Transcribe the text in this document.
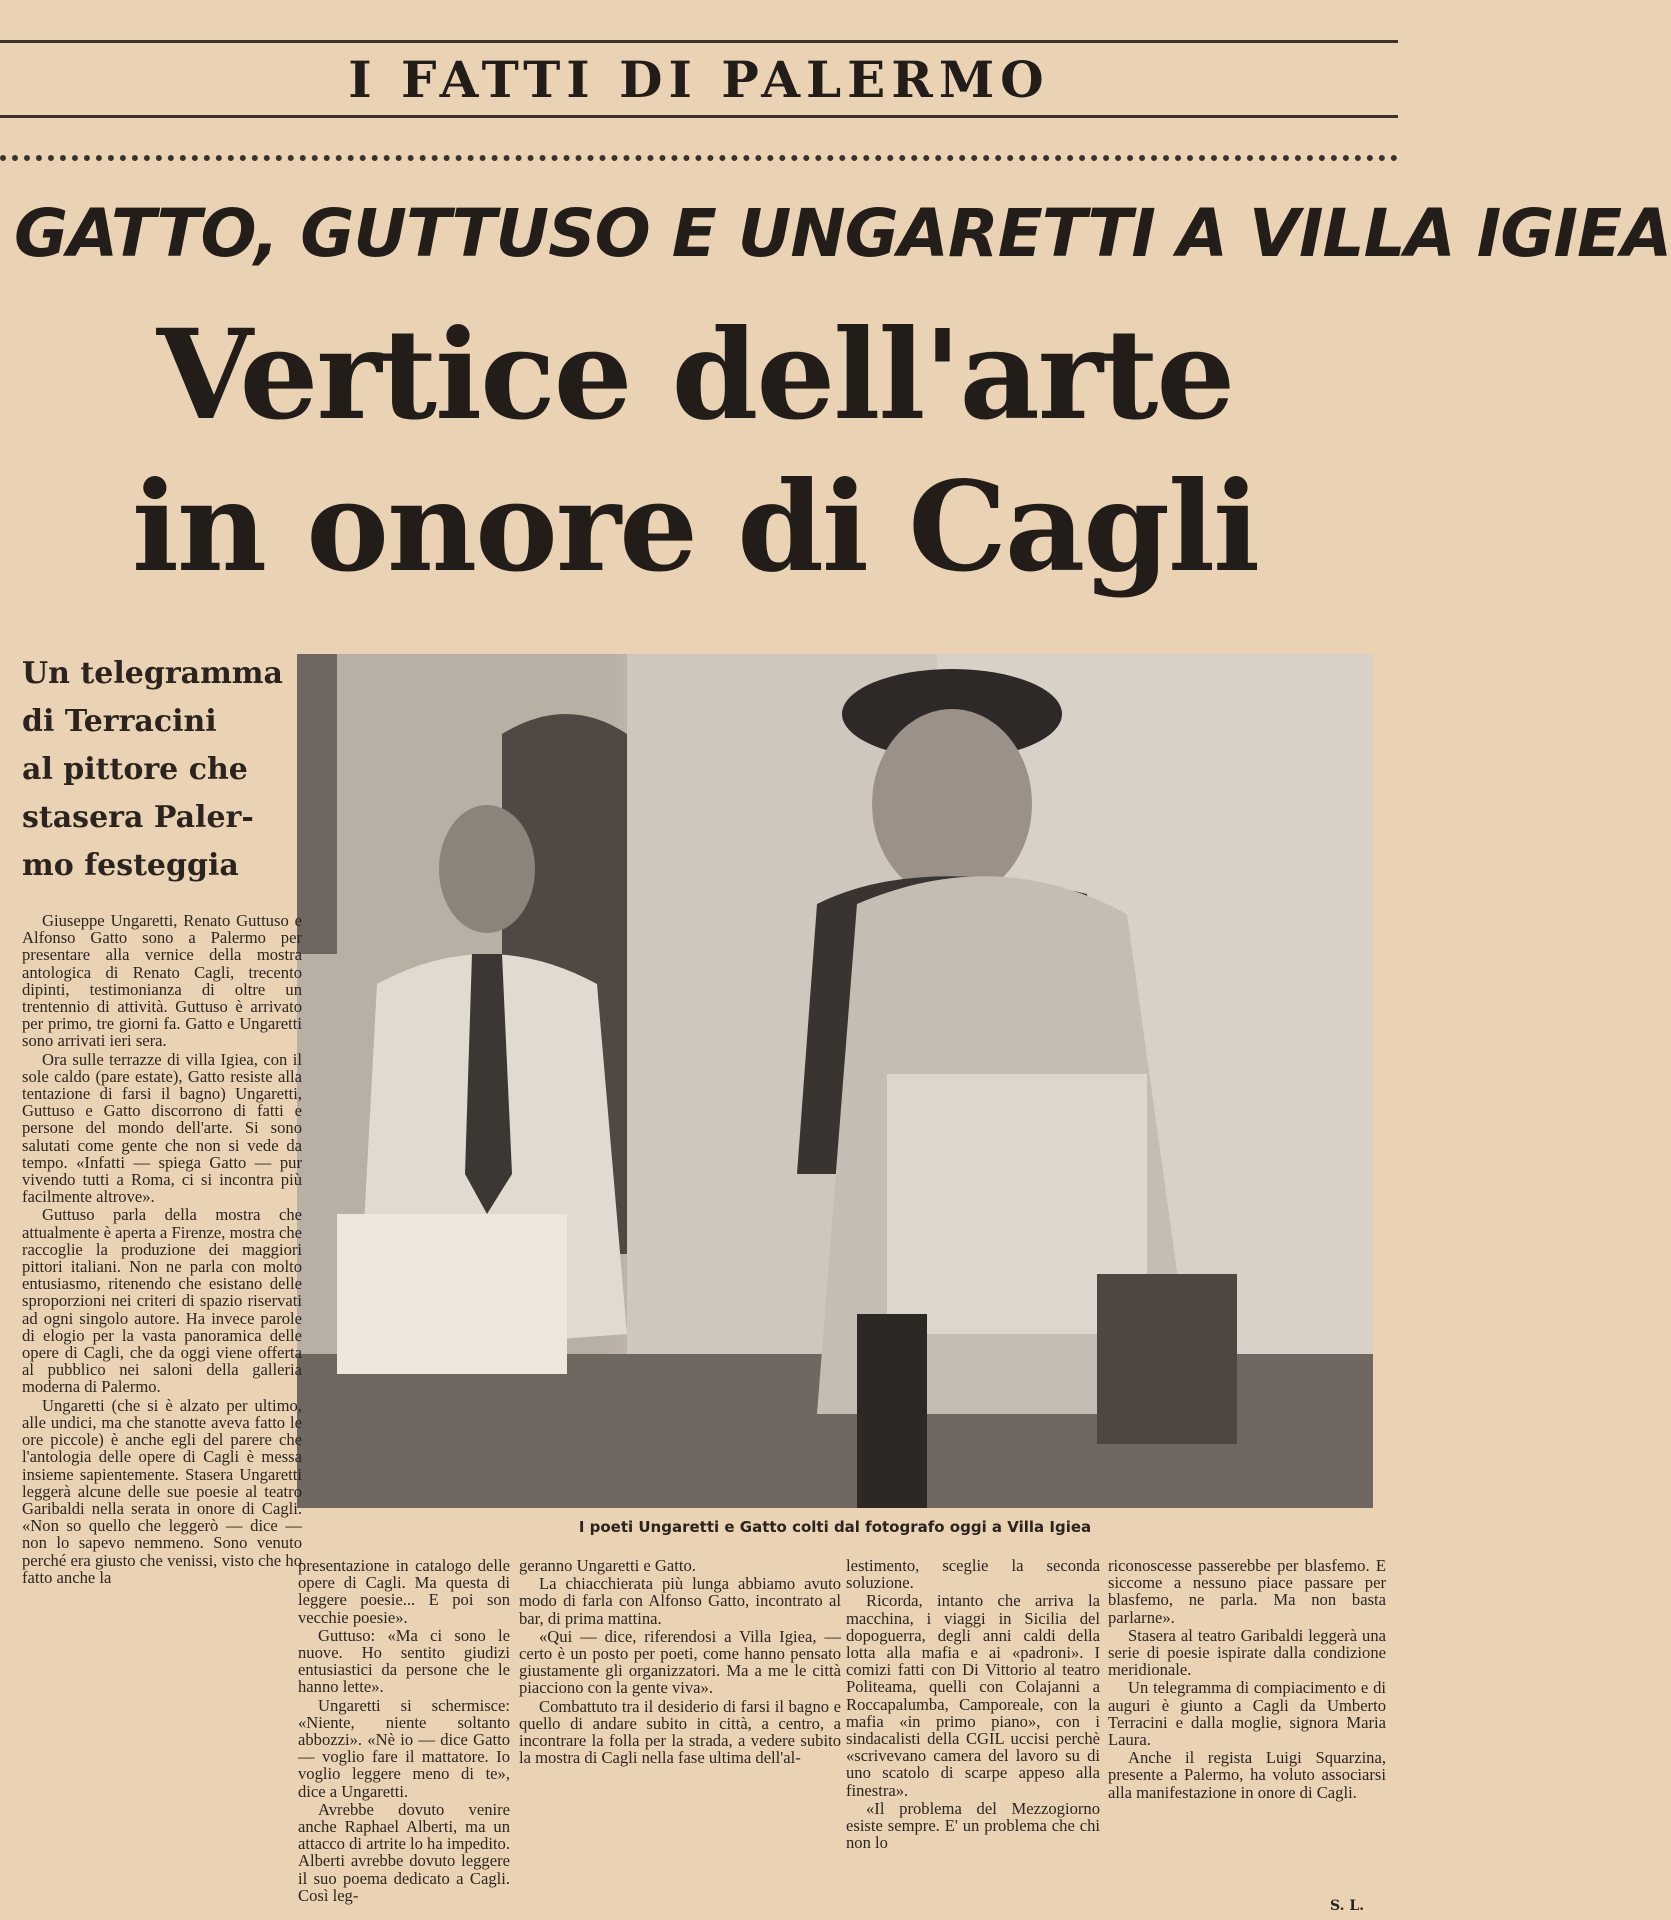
I FATTI DI PALERMO
GATTO, GUTTUSO E UNGARETTI A VILLA IGIEA
Vertice dell'arte
in onore di Cagli
Un telegramma
di Terracini
al pittore che
stasera Paler-
mo festeggia
I poeti Ungaretti e Gatto colti dal fotografo oggi a Villa Igiea

Giuseppe Ungaretti, Renato Guttuso e Alfonso Gatto sono a Palermo per presentare alla vernice della mostra antologica di Renato Cagli, trecento dipinti, testimonianza di oltre un trentennio di attività. Guttuso è arrivato per primo, tre giorni fa. Gatto e Ungaretti sono arrivati ieri sera.

Ora sulle terrazze di villa Igiea, con il sole caldo (pare estate), Gatto resiste alla tentazione di farsi il bagno) Ungaretti, Guttuso e Gatto discorrono di fatti e persone del mondo dell'arte. Si sono salutati come gente che non si vede da tempo. «Infatti — spiega Gatto — pur vivendo tutti a Roma, ci si incontra più facilmente altrove».

Guttuso parla della mostra che attualmente è aperta a Firenze, mostra che raccoglie la produzione dei maggiori pittori italiani. Non ne parla con molto entusiasmo, ritenendo che esistano delle sproporzioni nei criteri di spazio riservati ad ogni singolo autore. Ha invece parole di elogio per la vasta panoramica delle opere di Cagli, che da oggi viene offerta al pubblico nei saloni della galleria moderna di Palermo.

Ungaretti (che si è alzato per ultimo, alle undici, ma che stanotte aveva fatto le ore piccole) è anche egli del parere che l'antologia delle opere di Cagli è messa insieme sapientemente. Stasera Ungaretti leggerà alcune delle sue poesie al teatro Garibaldi nella serata in onore di Cagli. «Non so quello che leggerò — dice — non lo sapevo nemmeno. Sono venuto perché era giusto che venissi, visto che ho fatto anche la

presentazione in catalogo delle opere di Cagli. Ma questa di leggere poesie... E poi son vecchie poesie».

Guttuso: «Ma ci sono le nuove. Ho sentito giudizi entusiastici da persone che le hanno lette».

Ungaretti si schermisce: «Niente, niente soltanto abbozzi». «Nè io — dice Gatto — voglio fare il mattatore. Io voglio leggere meno di te», dice a Ungaretti.

Avrebbe dovuto venire anche Raphael Alberti, ma un attacco di artrite lo ha impedito. Alberti avrebbe dovuto leggere il suo poema dedicato a Cagli. Così leg-

geranno Ungaretti e Gatto.

La chiacchierata più lunga abbiamo avuto modo di farla con Alfonso Gatto, incontrato al bar, di prima mattina.

«Qui — dice, riferendosi a Villa Igiea, — certo è un posto per poeti, come hanno pensato giustamente gli organizzatori. Ma a me le città piacciono con la gente viva».

Combattuto tra il desiderio di farsi il bagno e quello di andare subito in città, a centro, a incontrare la folla per la strada, a vedere subito la mostra di Cagli nella fase ultima dell'al-

lestimento, sceglie la seconda soluzione.

Ricorda, intanto che arriva la macchina, i viaggi in Sicilia del dopoguerra, degli anni caldi della lotta alla mafia e ai «padroni». I comizi fatti con Di Vittorio al teatro Politeama, quelli con Colajanni a Roccapalumba, Camporeale, con la mafia «in primo piano», con i sindacalisti della CGIL uccisi perchè «scrivevano camera del lavoro su di uno scatolo di scarpe appeso alla finestra».

«Il problema del Mezzogiorno esiste sempre. E' un problema che chi non lo

riconoscesse passerebbe per blasfemo. E siccome a nessuno piace passare per blasfemo, ne parla. Ma non basta parlarne».

Stasera al teatro Garibaldi leggerà una serie di poesie ispirate dalla condizione meridionale.

Un telegramma di compiacimento e di auguri è giunto a Cagli da Umberto Terracini e dalla moglie, signora Maria Laura.

Anche il regista Luigi Squarzina, presente a Palermo, ha voluto associarsi alla manifestazione in onore di Cagli.

S. L.
